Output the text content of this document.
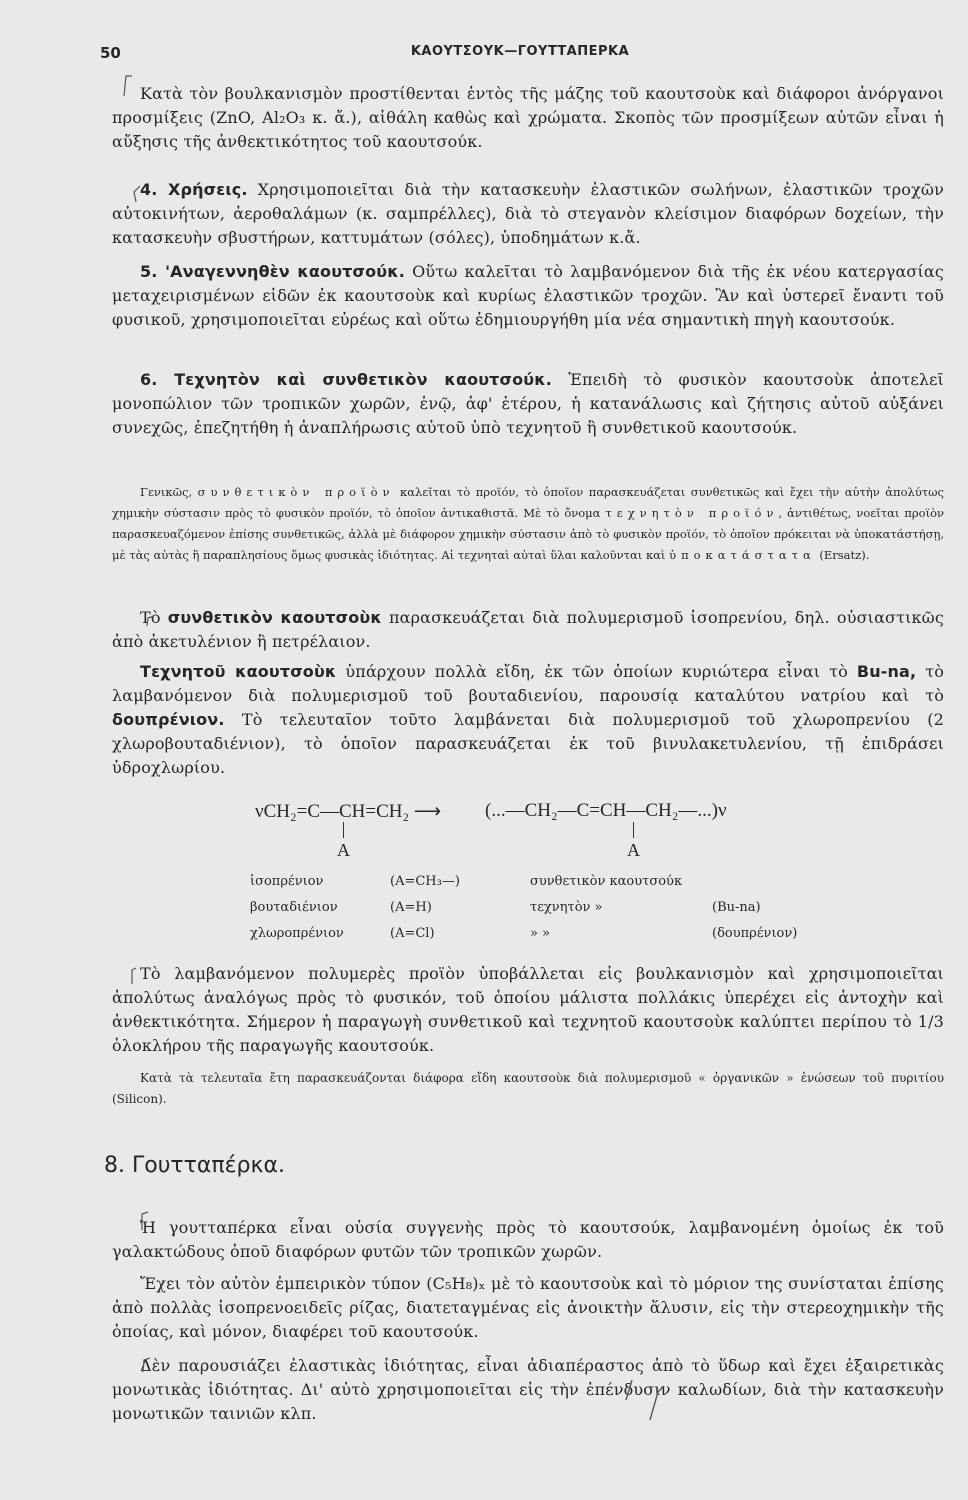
50	ΚΑΟΥΤΣΟΥΚ—ΓΟΥΤΤΑΠΕΡΚΑ
Κατὰ τὸν βουλκανισμὸν προστίθενται ἐντὸς τῆς μάζης τοῦ καουτσοὺκ καὶ διάφοροι ἀνόργανοι προσμίξεις (ZnO, Al₂O₃ κ. ἄ.), αἰθάλη καθὼς καὶ χρώματα. Σκοπὸς τῶν προσμίξεων αὐτῶν εἶναι ἡ αὔξησις τῆς ἀνθεκτικότητος τοῦ καουτσούκ.
4. Χρήσεις. Χρησιμοποιεῖται διὰ τὴν κατασκευὴν ἐλαστικῶν σωλήνων, ἐλαστικῶν τροχῶν αὐτοκινήτων, ἀεροθαλάμων (κ. σαμπρέλλες), διὰ τὸ στεγανὸν κλείσιμον διαφόρων δοχείων, τὴν κατασκευὴν σβυστήρων, καττυμάτων (σόλες), ὑποδημάτων κ.ἄ.
5. 'Αναγεννηθὲν καουτσούκ. Οὕτω καλεῖται τὸ λαμβανόμενον διὰ τῆς ἐκ νέου κατεργασίας μεταχειρισμένων εἰδῶν ἐκ καουτσοὺκ καὶ κυρίως ἐλαστικῶν τροχῶν. Ἂν καὶ ὑστερεῖ ἔναντι τοῦ φυσικοῦ, χρησιμοποιεῖται εὐρέως καὶ οὕτω ἐδημιουργήθη μία νέα σημαντικὴ πηγὴ καουτσούκ.
6. Τεχνητὸν καὶ συνθετικὸν καουτσούκ. Ἐπειδὴ τὸ φυσικὸν καουτσοὺκ ἀποτελεῖ μονοπώλιον τῶν τροπικῶν χωρῶν, ἐνῷ, ἀφ' ἑτέρου, ἡ κατανάλωσις καὶ ζήτησις αὐτοῦ αὐξάνει συνεχῶς, ἐπεζητήθη ἡ ἀναπλήρωσις αὐτοῦ ὑπὸ τεχνητοῦ ἢ συνθετικοῦ καουτσούκ.
Γενικῶς, συνθετικὸν προϊὸν καλεῖται τὸ προϊόν, τὸ ὁποῖον παρασκευάζεται συνθετικῶς καὶ ἔχει τὴν αὐτὴν ἀπολύτως χημικὴν σύστασιν πρὸς τὸ φυσικὸν προϊόν, τὸ ὁποῖον ἀντικαθιστᾶ. Μὲ τὸ ὄνομα τεχνητὸν προϊόν, ἀντιθέτως, νοεῖται προϊὸν παρασκευαζόμενον ἐπίσης συνθετικῶς, ἀλλὰ μὲ διάφορον χημικὴν σύστασιν ἀπὸ τὸ φυσικὸν προϊόν, τὸ ὁποῖον πρόκειται νὰ ὑποκατάστήσῃ, μὲ τὰς αὐτὰς ἢ παραπλησίους ὅμως φυσικὰς ἰδιότητας. Αἱ τεχνηταὶ αὐταὶ ὕλαι καλοῦνται καὶ ὑποκατάστατα (Ersatz).
Τὸ συνθετικὸν καουτσοὺκ παρασκευάζεται διὰ πολυμερισμοῦ ἰσοπρενίου, δηλ. οὐσιαστικῶς ἀπὸ ἀκετυλένιον ἢ πετρέλαιον.
Τεχνητοῦ καουτσοὺκ ὑπάρχουν πολλὰ εἴδη, ἐκ τῶν ὁποίων κυριώτερα εἶναι τὸ Bu-na, τὸ λαμβανόμενον διὰ πολυμερισμοῦ τοῦ βουταδιενίου, παρουσίᾳ καταλύτου νατρίου καὶ τὸ δουπρένιον. Τὸ τελευταῖον τοῦτο λαμβάνεται διὰ πολυμερισμοῦ τοῦ χλωροπρενίου (2 χλωροβουταδιένιον), τὸ ὁποῖον παρασκευάζεται ἐκ τοῦ βινυλακετυλενίου, τῇ ἐπιδράσει ὑδροχλωρίου.
νCH₂=C—CH=CH₂ ⟶ (...—CH₂—C=CH—CH₂—...)ν
A	A
ἰσοπρένιον	(A=CH₃—)	συνθετικὸν καουτσούκ
βουταδιένιον	(A=H)	τεχνητὸν »	(Bu-na)
χλωροπρένιον	(A=Cl)	» »	(δουπρένιον)
Τὸ λαμβανόμενον πολυμερὲς προϊὸν ὑποβάλλεται εἰς βουλκανισμὸν καὶ χρησιμοποιεῖται ἀπολύτως ἀναλόγως πρὸς τὸ φυσικόν, τοῦ ὁποίου μάλιστα πολλάκις ὑπερέχει εἰς ἀντοχὴν καὶ ἀνθεκτικότητα. Σήμερον ἡ παραγωγὴ συνθετικοῦ καὶ τεχνητοῦ καουτσοὺκ καλύπτει περίπου τὸ 1/3 ὁλοκλήρου τῆς παραγωγῆς καουτσούκ.
Κατὰ τὰ τελευταῖα ἔτη παρασκευάζονται διάφορα εἴδη καουτσοὺκ διὰ πολυμερισμοῦ « ὀργανικῶν » ἑνώσεων τοῦ πυριτίου (Silicon).
8. Γουτταπέρκα.
Ἡ γουτταπέρκα εἶναι οὐσία συγγενὴς πρὸς τὸ καουτσούκ, λαμβανομένη ὁμοίως ἐκ τοῦ γαλακτώδους ὀποῦ διαφόρων φυτῶν τῶν τροπικῶν χωρῶν.
Ἔχει τὸν αὐτὸν ἐμπειρικὸν τύπον (C₅H₈)ₓ μὲ τὸ καουτσοὺκ καὶ τὸ μόριον της συνίσταται ἐπίσης ἀπὸ πολλὰς ἰσοπρενοειδεῖς ρίζας, διατεταγμένας εἰς ἀνοικτὴν ἅλυσιν, εἰς τὴν στερεοχημικὴν τῆς ὁποίας, καὶ μόνον, διαφέρει τοῦ καουτσούκ.
Δὲν παρουσιάζει ἐλαστικὰς ἰδιότητας, εἶναι ἀδιαπέραστος ἀπὸ τὸ ὕδωρ καὶ ἔχει ἐξαιρετικὰς μονωτικὰς ἰδιότητας. Δι' αὐτὸ χρησιμοποιεῖται εἰς τὴν ἐπένδυσιν καλωδίων, διὰ τὴν κατασκευὴν μονωτικῶν ταινιῶν κλπ.
